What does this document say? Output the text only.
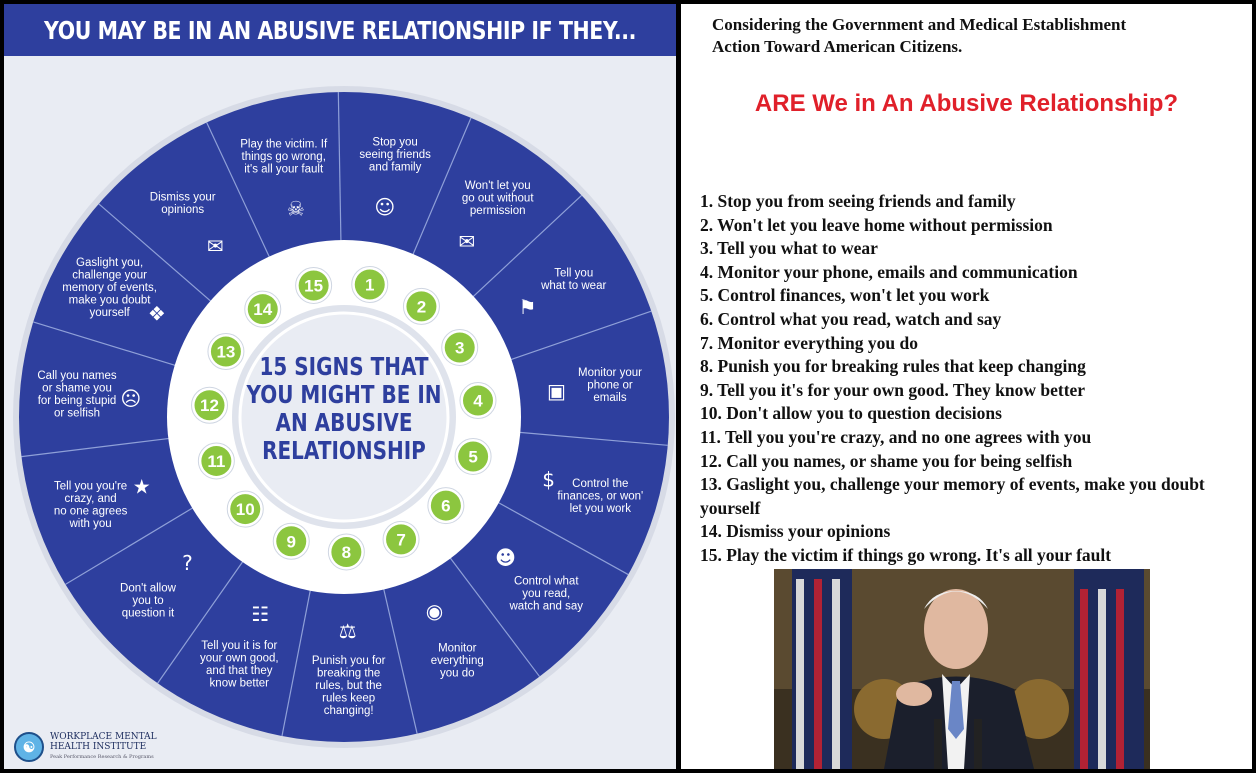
YOU MAY BE IN AN ABUSIVE RELATIONSHIP IF THEY...
15 SIGNS THAT
YOU MIGHT BE IN
AN ABUSIVE
RELATIONSHIP
1
2
3
4
5
6
7
8
9
10
11
12
13
14
15
Stop you
seeing friends
and family
☺
Won't let you
go out without
permission
✉
Tell you
what to wear
⚑
Monitor your
phone or
emails
▣
Control the
finances, or won'
let you work
$
Control what
you read,
watch and say
☻
Monitor
everything
you do
◉
Punish you for
breaking the
rules, but the
rules keep
changing!
⚖
Tell you it is for
your own good,
and that they
know better
☷
Don't allow
you to
question it
?
Tell you you're
crazy, and
no one agrees
with you
★
Call you names
or shame you
for being stupid
or selfish
☹
Gaslight you,
challenge your
memory of events,
make you doubt
yourself ❖
Dismiss your
opinions
✉
Play the victim. If
things go wrong,
it's all your fault
☠
☯
WORKPLACE MENTAL
HEALTH INSTITUTE
Peak Performance Research & Programs
Considering the Government and Medical Establishment
Action Toward American Citizens.
ARE We in An Abusive Relationship?
1. Stop you from seeing friends and family
2. Won't let you leave home without permission
3. Tell you what to wear
4. Monitor your phone, emails and communication
5. Control finances, won't let you work
6. Control what you read, watch and say
7. Monitor everything you do
8. Punish you for breaking rules that keep changing
9. Tell you it's for your own good. They know better
10. Don't allow you to question decisions
11. Tell you you're crazy, and no one agrees with you
12. Call you names, or shame you for being selfish
13. Gaslight you, challenge your memory of events, make you doubt yourself
14. Dismiss your opinions
15. Play the victim if things go wrong. It's all your fault
